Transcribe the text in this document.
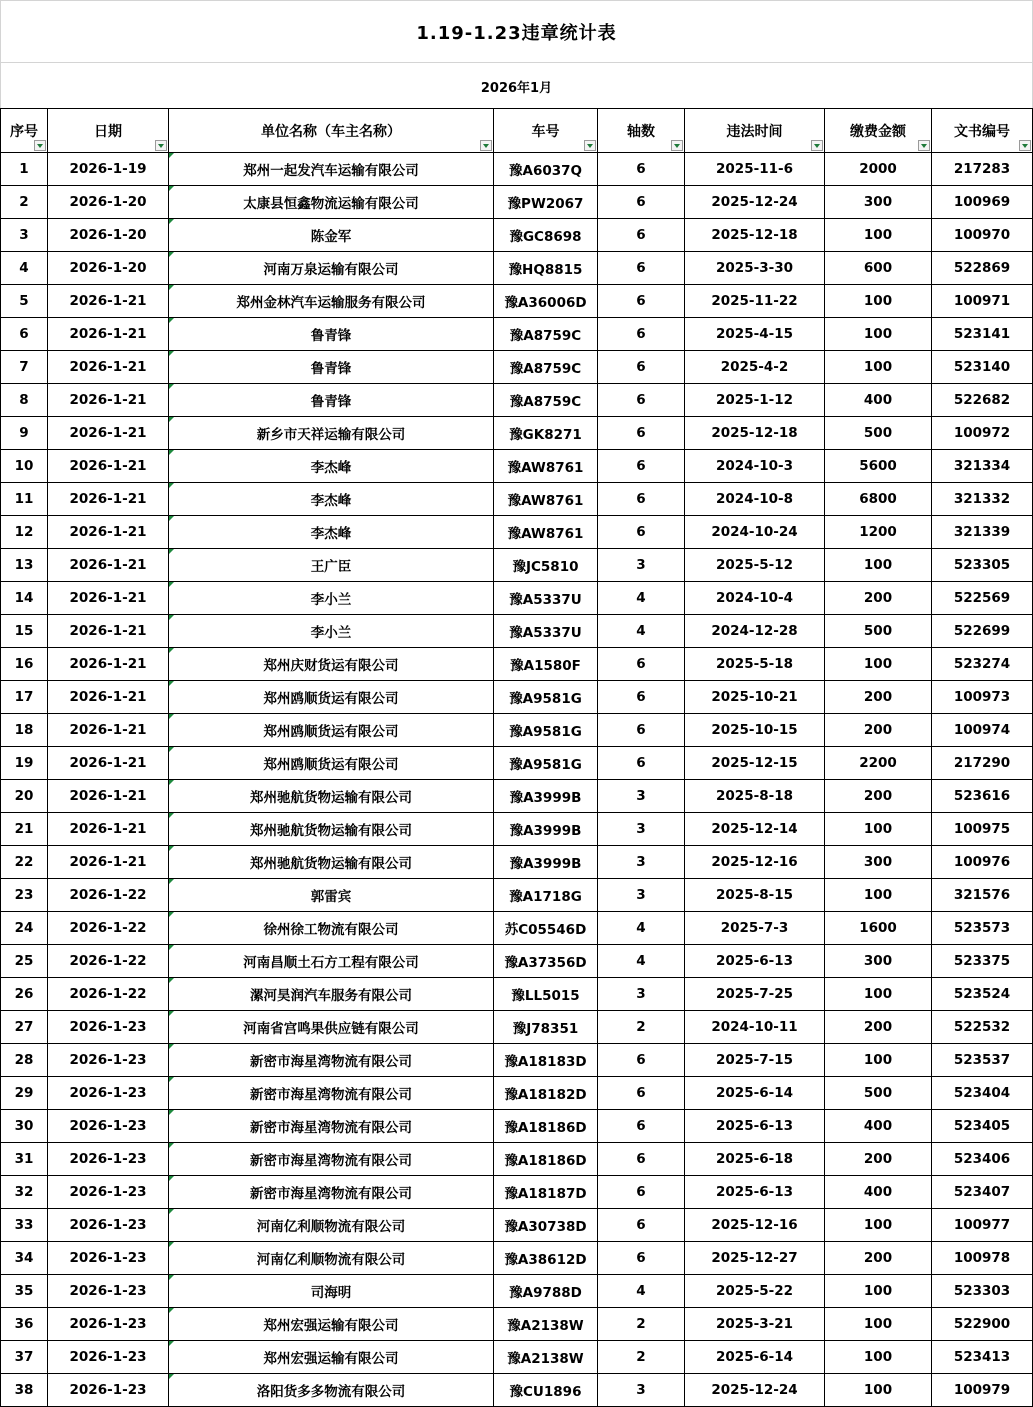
1.19-1.23违章统计表
2026年1月
序号	日期	单位名称（车主名称）	车号	轴数	违法时间	缴费金额	文书编号

1	2026-1-19	郑州一起发汽车运输有限公司	豫A6037Q	6	2025-11-6	2000	217283
2	2026-1-20	太康县恒鑫物流运输有限公司	豫PW2067	6	2025-12-24	300	100969
3	2026-1-20	陈金军	豫GC8698	6	2025-12-18	100	100970
4	2026-1-20	河南万泉运输有限公司	豫HQ8815	6	2025-3-30	600	522869
5	2026-1-21	郑州金林汽车运输服务有限公司	豫A36006D	6	2025-11-22	100	100971
6	2026-1-21	鲁青锋	豫A8759C	6	2025-4-15	100	523141
7	2026-1-21	鲁青锋	豫A8759C	6	2025-4-2	100	523140
8	2026-1-21	鲁青锋	豫A8759C	6	2025-1-12	400	522682
9	2026-1-21	新乡市天祥运输有限公司	豫GK8271	6	2025-12-18	500	100972
10	2026-1-21	李杰峰	豫AW8761	6	2024-10-3	5600	321334
11	2026-1-21	李杰峰	豫AW8761	6	2024-10-8	6800	321332
12	2026-1-21	李杰峰	豫AW8761	6	2024-10-24	1200	321339
13	2026-1-21	王广臣	豫JC5810	3	2025-5-12	100	523305
14	2026-1-21	李小兰	豫A5337U	4	2024-10-4	200	522569
15	2026-1-21	李小兰	豫A5337U	4	2024-12-28	500	522699
16	2026-1-21	郑州庆财货运有限公司	豫A1580F	6	2025-5-18	100	523274
17	2026-1-21	郑州鸥顺货运有限公司	豫A9581G	6	2025-10-21	200	100973
18	2026-1-21	郑州鸥顺货运有限公司	豫A9581G	6	2025-10-15	200	100974
19	2026-1-21	郑州鸥顺货运有限公司	豫A9581G	6	2025-12-15	2200	217290
20	2026-1-21	郑州驰航货物运输有限公司	豫A3999B	3	2025-8-18	200	523616
21	2026-1-21	郑州驰航货物运输有限公司	豫A3999B	3	2025-12-14	100	100975
22	2026-1-21	郑州驰航货物运输有限公司	豫A3999B	3	2025-12-16	300	100976
23	2026-1-22	郭雷宾	豫A1718G	3	2025-8-15	100	321576
24	2026-1-22	徐州徐工物流有限公司	苏C05546D	4	2025-7-3	1600	523573
25	2026-1-22	河南昌顺土石方工程有限公司	豫A37356D	4	2025-6-13	300	523375
26	2026-1-22	漯河昊润汽车服务有限公司	豫LL5015	3	2025-7-25	100	523524
27	2026-1-23	河南省宫鸣果供应链有限公司	豫J78351	2	2024-10-11	200	522532
28	2026-1-23	新密市海星湾物流有限公司	豫A18183D	6	2025-7-15	100	523537
29	2026-1-23	新密市海星湾物流有限公司	豫A18182D	6	2025-6-14	500	523404
30	2026-1-23	新密市海星湾物流有限公司	豫A18186D	6	2025-6-13	400	523405
31	2026-1-23	新密市海星湾物流有限公司	豫A18186D	6	2025-6-18	200	523406
32	2026-1-23	新密市海星湾物流有限公司	豫A18187D	6	2025-6-13	400	523407
33	2026-1-23	河南亿利顺物流有限公司	豫A30738D	6	2025-12-16	100	100977
34	2026-1-23	河南亿利顺物流有限公司	豫A38612D	6	2025-12-27	200	100978
35	2026-1-23	司海明	豫A9788D	4	2025-5-22	100	523303
36	2026-1-23	郑州宏强运输有限公司	豫A2138W	2	2025-3-21	100	522900
37	2026-1-23	郑州宏强运输有限公司	豫A2138W	2	2025-6-14	100	523413
38	2026-1-23	洛阳货多多物流有限公司	豫CU1896	3	2025-12-24	100	100979
